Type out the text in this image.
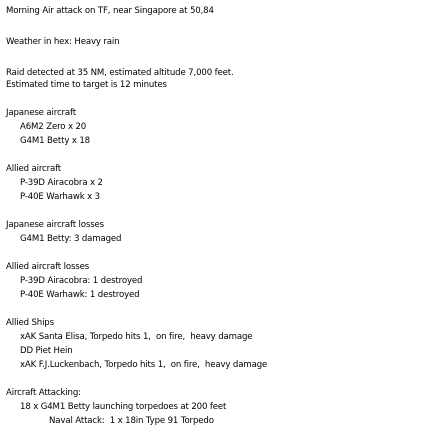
Morning Air attack on TF, near Singapore at 50,84
Weather in hex: Heavy rain
Raid detected at 35 NM, estimated altitude 7,000 feet.
Estimated time to target is 12 minutes
Japanese aircraft
A6M2 Zero x 20
G4M1 Betty x 18
Allied aircraft
P-39D Airacobra x 2
P-40E Warhawk x 3
Japanese aircraft losses
G4M1 Betty: 3 damaged
Allied aircraft losses
P-39D Airacobra: 1 destroyed
P-40E Warhawk: 1 destroyed
Allied Ships
xAK Santa Elisa, Torpedo hits 1,  on fire,  heavy damage
DD Piet Hein
xAK F.J.Luckenbach, Torpedo hits 1,  on fire,  heavy damage
Aircraft Attacking:
18 x G4M1 Betty launching torpedoes at 200 feet
Naval Attack:  1 x 18in Type 91 Torpedo
